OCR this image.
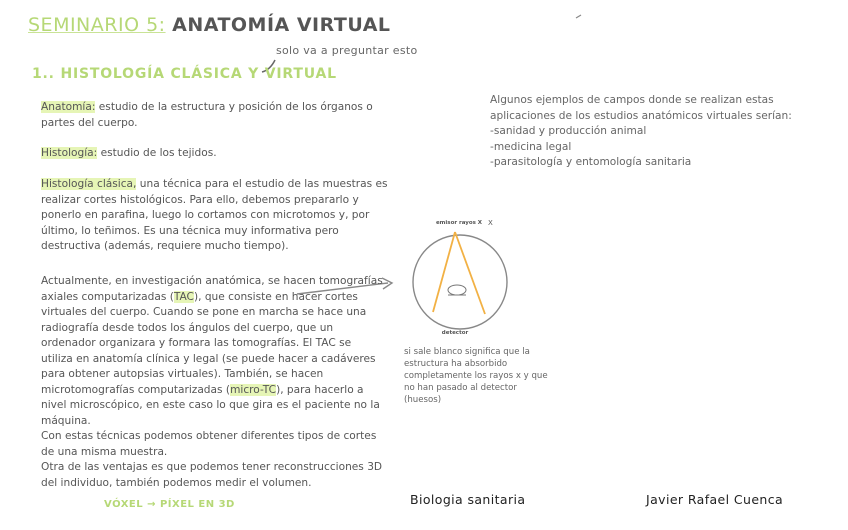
SEMINARIO 5: ANATOMÍA VIRTUAL
solo va a preguntar esto
1.. HISTOLOGÍA CLÁSICA Y VIRTUAL
Anatomía: estudio de la estructura y posición de los órganos o partes del cuerpo.
Histología: estudio de los tejidos.
Histología clásica, una técnica para el estudio de las muestras es realizar cortes histológicos. Para ello, debemos prepararlo y ponerlo en parafina, luego lo cortamos con microtomos y, por último, lo teñimos. Es una técnica muy informativa pero destructiva (además, requiere mucho tiempo).
Actualmente, en investigación anatómica, se hacen tomografías axiales computarizadas (TAC), que consiste en hacer cortes virtuales del cuerpo. Cuando se pone en marcha se hace una radiografía desde todos los ángulos del cuerpo, que un ordenador organizara y formara las tomografías. El TAC se utiliza en anatomía clínica y legal (se puede hacer a cadáveres para obtener autopsias virtuales). También, se hacen microtomografías computarizadas (micro-TC), para hacerlo a nivel microscópico, en este caso lo que gira es el paciente no la máquina.
Con estas técnicas podemos obtener diferentes tipos de cortes de una misma muestra.
Otra de las ventajas es que podemos tener reconstrucciones 3D del individuo, también podemos medir el volumen.
Algunos ejemplos de campos donde se realizan estas aplicaciones de los estudios anatómicos virtuales serían:
-sanidad y producción animal
-medicina legal
-parasitología y entomología sanitaria
emisor rayos X X
detector
si sale blanco significa que la estructura ha absorbido completamente los rayos x y que no han pasado al detector (huesos)
VÓXEL → PÍXEL EN 3D	Biologia sanitaria	Javier Rafael Cuenca
